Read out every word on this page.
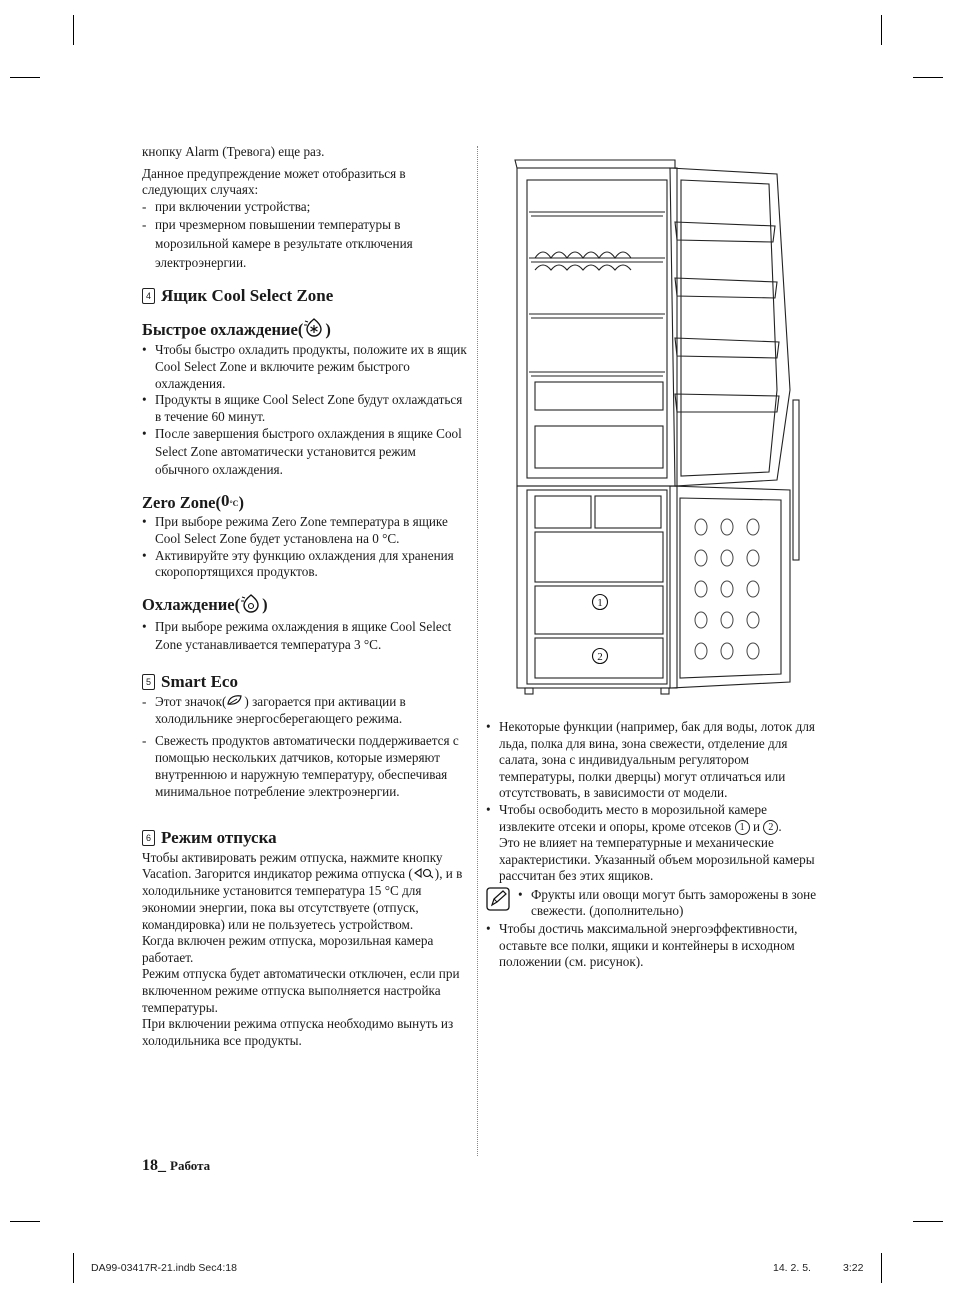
кнопку Alarm (Тревога) еще раз.

Данное предупреждение может отобразиться в следующих случаях:

- при включении устройства;

- при чрезмерном повышении температуры в морозильной камере в результате отключения электроэнергии.

4 Ящик Cool Select Zone
Быстрое охлаждение( )

• Чтобы быстро охладить продукты, положите их в ящик Cool Select Zone и включите режим быстрого охлаждения.

• Продукты в ящике Cool Select Zone будут охлаждаться в течение 60 минут.

• После завершения быстрого охлаждения в ящике Cool Select Zone автоматически установится режим обычного охлаждения.

Zero Zone( 0°C )

• При выборе режима Zero Zone температура в ящике Cool Select Zone будет установлена на 0 °C.

• Активируйте эту функцию охлаждения для хранения скоропортящихся продуктов.

Охлаждение( )

• При выборе режима охлаждения в ящике Cool Select Zone устанавливается температура 3 °C.

5 Smart Eco

- Этот значок( ) загорается при активации в холодильнике энергосберегающего режима.

- Свежесть продуктов автоматически поддерживается с помощью нескольких датчиков, которые измеряют внутреннюю и наружную температуру, обеспечивая минимальное потребление электроэнергии.

6 Режим отпуска

Чтобы активировать режим отпуска, нажмите кнопку Vacation. Загорится индикатор режима отпуска ( ), и в холодильнике установится температура 15 °C для экономии энергии, пока вы отсутствуете (отпуск, командировка) или не пользуетесь устройством.

Когда включен режим отпуска, морозильная камера работает.

Режим отпуска будет автоматически отключен, если при включенном режиме отпуска выполняется настройка температуры.

При включении режима отпуска необходимо вынуть из холодильника все продукты.

1
2

• Некоторые функции (например, бак для воды, лоток для льда, полка для вина, зона свежести, отделение для салата, зона с индивидуальным регулятором температуры, полки дверцы) могут отличаться или отсутствовать, в зависимости от модели.

• Чтобы освободить место в морозильной камере извлеките отсеки и опоры, кроме отсеков 1 и 2 .
Это не влияет на температурные и механические характеристики. Указанный объем морозильной камеры рассчитан без этих ящиков.

• Фрукты или овощи могут быть заморожены в зоне свежести. (дополнительно)

• Чтобы достичь максимальной энергоэффективности, оставьте все полки, ящики и контейнеры в исходном положении (см. рисунок).

18_ Работа
DA99-03417R-21.indb Sec4:18	14. 2. 5.	3:22
